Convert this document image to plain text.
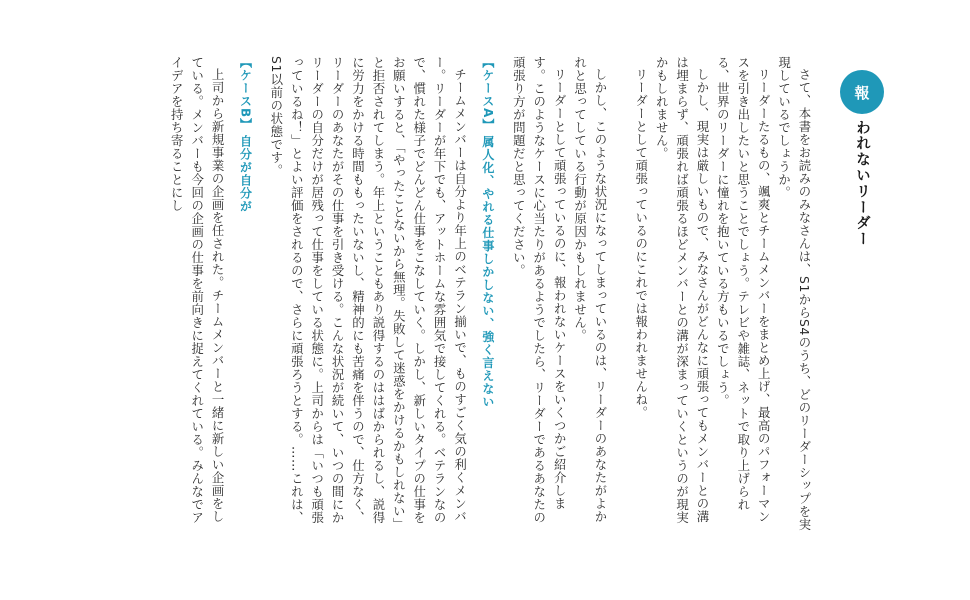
報
われないリーダー

さて、本書をお読みのみなさんは、S1からS4のうち、どのリーダーシップを実現しているでしょうか。

リーダーたるもの、颯爽とチームメンバーをまとめ上げ、最高のパフォーマンスを引き出したいと思うことでしょう。テレビや雑誌、ネットで取り上げられる、世界のリーダーに憧れを抱いている方もいるでしょう。

しかし、現実は厳しいもので、みなさんがどんなに頑張ってもメンバーとの溝は埋まらず、頑張れば頑張るほどメンバーとの溝が深まっていくというのが現実かもしれません。

リーダーとして頑張っているのにこれでは報われませんね。

しかし、このような状況になってしまっているのは、リーダーのあなたがよかれと思ってしている行動が原因かもしれません。

リーダーとして頑張っているのに、報われないケースをいくつかご紹介します。このようなケースに心当たりがあるようでしたら、リーダーであるあなたの頑張り方が問題だと思ってください。

【ケースA】属人化、やれる仕事しかしない、強く言えない

チームメンバーは自分より年上のベテラン揃いで、ものすごく気の利くメンバー。リーダーが年下でも、アットホームな雰囲気で接してくれる。ベテランなので、慣れた様子でどんどん仕事をこなしていく。しかし、新しいタイプの仕事をお願いすると、「やったことないから無理。失敗して迷惑をかけるかもしれない」と拒否されてしまう。年上ということもあり説得するのははばかられるし、説得に労力をかける時間ももったいないし、精神的にも苦痛を伴うので、仕方なく、リーダーのあなたがその仕事を引き受ける。こんな状況が続いて、いつの間にかリーダーの自分だけが居残って仕事をしている状態に。上司からは「いつも頑張っているね！」とよい評価をされるので、さらに頑張ろうとする。……これは、S1以前の状態です。

【ケースB】自分が自分が

上司から新規事業の企画を任された。チームメンバーと一緒に新しい企画をしている。メンバーも今回の企画の仕事を前向きに捉えてくれている。みんなでアイデアを持ち寄ることにし
